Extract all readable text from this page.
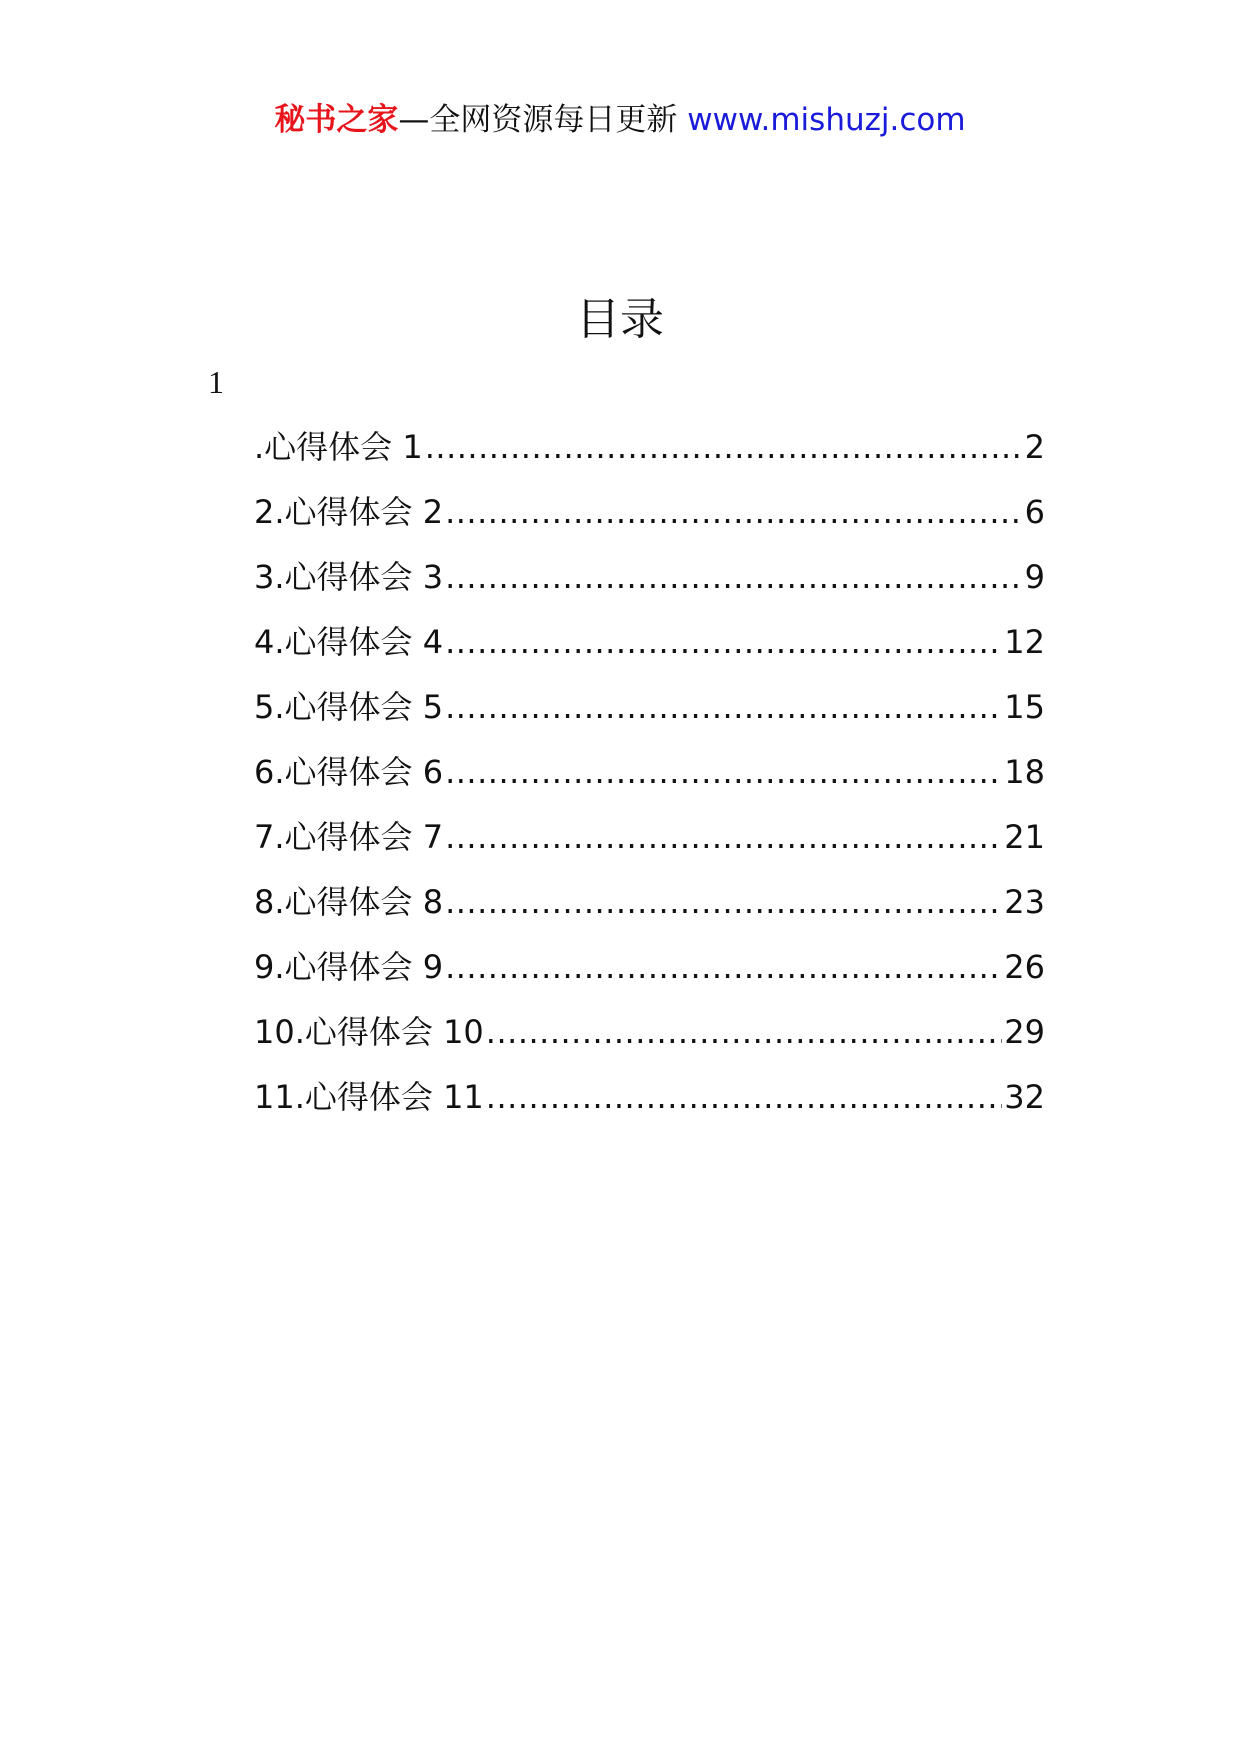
秘书之家—全网资源每日更新 www.mishuzj.com
目录
1
.心得体会 1 .....	2
2.心得体会 2 .....	6
3.心得体会 3 .....	9
4.心得体会 4 .....	12
5.心得体会 5 .....	15
6.心得体会 6 .....	18
7.心得体会 7 .....	21
8.心得体会 8 .....	23
9.心得体会 9 .....	26
10.心得体会 10 .....	29
11.心得体会 11 .....	32
